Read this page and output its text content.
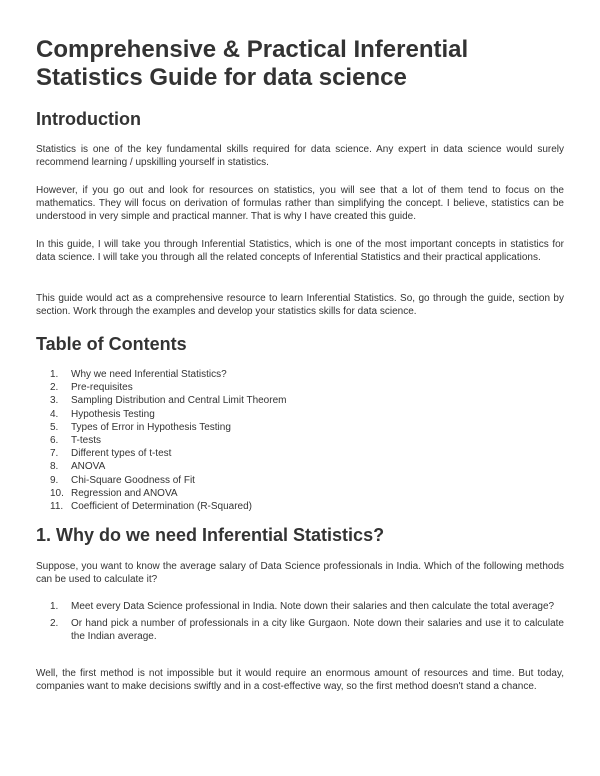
Comprehensive & Practical Inferential Statistics Guide for data science
Introduction

Statistics is one of the key fundamental skills required for data science. Any expert in data science would surely recommend learning / upskilling yourself in statistics.

However, if you go out and look for resources on statistics, you will see that a lot of them tend to focus on the mathematics. They will focus on derivation of formulas rather than simplifying the concept. I believe, statistics can be understood in very simple and practical manner. That is why I have created this guide.

In this guide, I will take you through Inferential Statistics, which is one of the most important concepts in statistics for data science. I will take you through all the related concepts of Inferential Statistics and their practical applications.

This guide would act as a comprehensive resource to learn Inferential Statistics. So, go through the guide, section by section. Work through the examples and develop your statistics skills for data science.

Table of Contents
1.	Why we need Inferential Statistics?
2.	Pre-requisites
3.	Sampling Distribution and Central Limit Theorem
4.	Hypothesis Testing
5.	Types of Error in Hypothesis Testing
6.	T-tests
7.	Different types of t-test
8.	ANOVA
9.	Chi-Square Goodness of Fit
10. Regression and ANOVA
11. Coefficient of Determination (R-Squared)
1. Why do we need Inferential Statistics?

Suppose, you want to know the average salary of Data Science professionals in India. Which of the following methods can be used to calculate it?

1.	Meet every Data Science professional in India. Note down their salaries and then calculate the total average?
2.	Or hand pick a number of professionals in a city like Gurgaon. Note down their salaries and use it to calculate the Indian average.

Well, the first method is not impossible but it would require an enormous amount of resources and time. But today, companies want to make decisions swiftly and in a cost-effective way, so the first method doesn't stand a chance.
